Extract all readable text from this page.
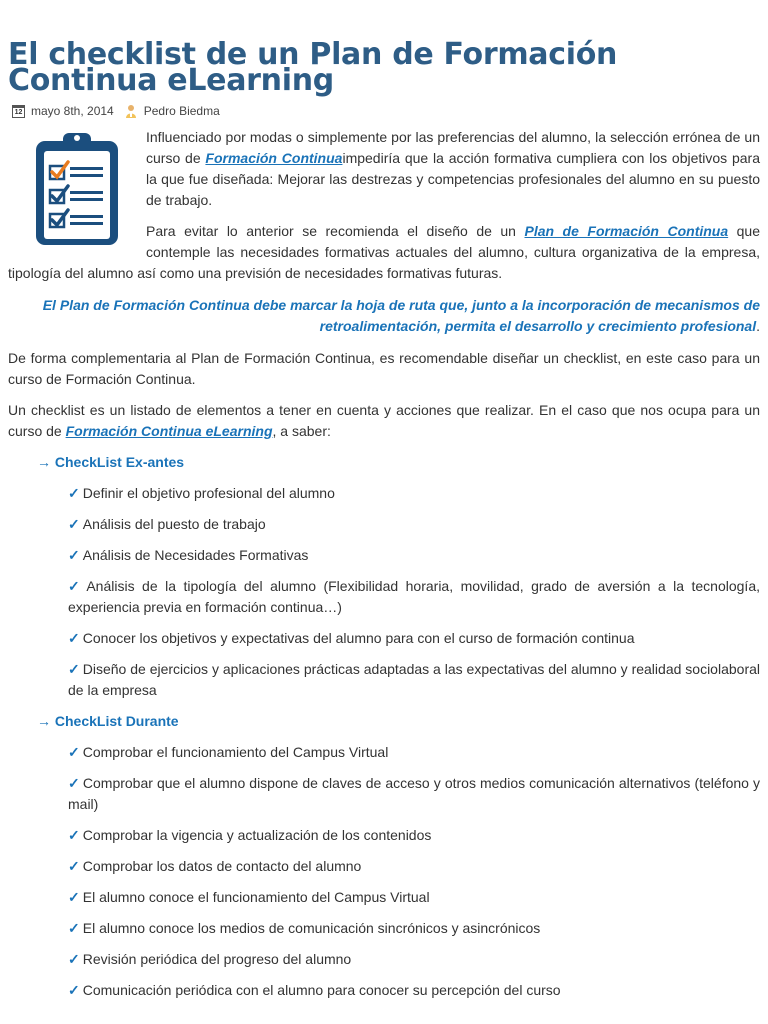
El checklist de un Plan de Formación Continua eLearning
12 mayo 8th, 2014	Pedro Biedma

Influenciado por modas o simplemente por las preferencias del alumno, la selección errónea de un curso de Formación Continuaimpediría que la acción formativa cumpliera con los objetivos para la que fue diseñada: Mejorar las destrezas y competencias profesionales del alumno en su puesto de trabajo.

Para evitar lo anterior se recomienda el diseño de un Plan de Formación Continua que contemple las necesidades formativas actuales del alumno, cultura organizativa de la empresa, tipología del alumno así como una previsión de necesidades formativas futuras.

El Plan de Formación Continua debe marcar la hoja de ruta que, junto a la incorporación de mecanismos de retroalimentación, permita el desarrollo y crecimiento profesional.

De forma complementaria al Plan de Formación Continua, es recomendable diseñar un checklist, en este caso para un curso de Formación Continua.

Un checklist es un listado de elementos a tener en cuenta y acciones que realizar. En el caso que nos ocupa para un curso de Formación Continua eLearning, a saber:

→ CheckList Ex-antes
✓ Definir el objetivo profesional del alumno
✓ Análisis del puesto de trabajo
✓ Análisis de Necesidades Formativas
✓ Análisis de la tipología del alumno (Flexibilidad horaria, movilidad, grado de aversión a la tecnología, experiencia previa en formación continua…)
✓ Conocer los objetivos y expectativas del alumno para con el curso de formación continua
✓ Diseño de ejercicios y aplicaciones prácticas adaptadas a las expectativas del alumno y realidad sociolaboral de la empresa
→ CheckList Durante
✓ Comprobar el funcionamiento del Campus Virtual
✓ Comprobar que el alumno dispone de claves de acceso y otros medios comunicación alternativos (teléfono y mail)
✓ Comprobar la vigencia y actualización de los contenidos
✓ Comprobar los datos de contacto del alumno
✓ El alumno conoce el funcionamiento del Campus Virtual
✓ El alumno conoce los medios de comunicación sincrónicos y asincrónicos
✓ Revisión periódica del progreso del alumno
✓ Comunicación periódica con el alumno para conocer su percepción del curso
